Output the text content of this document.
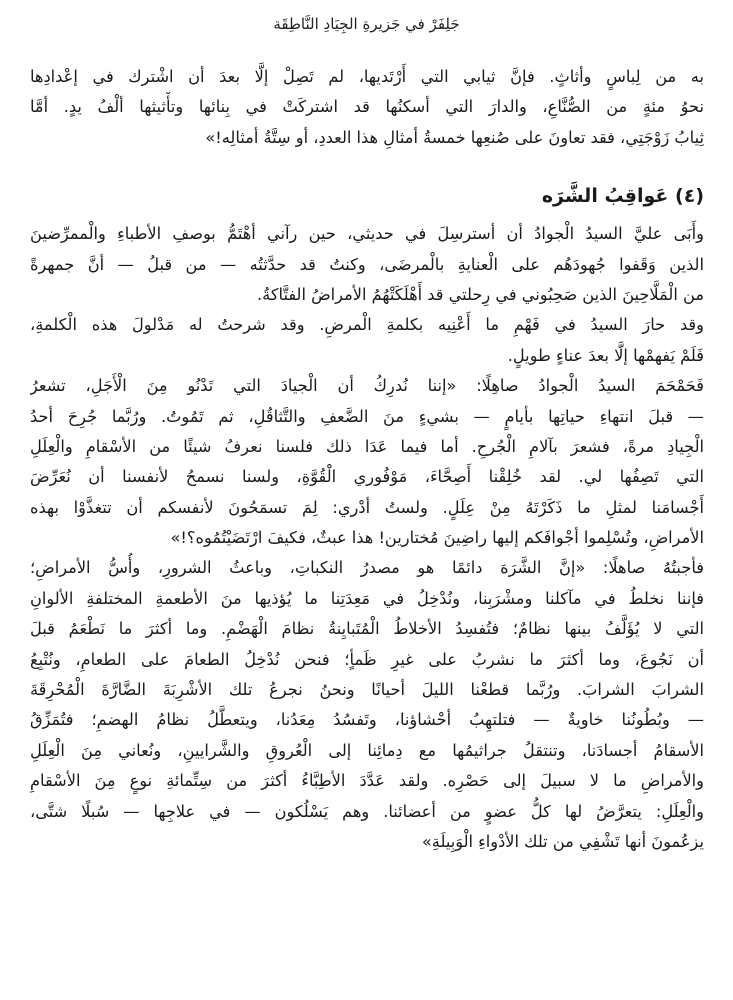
جَلِفَرْ في جَزيرةِ الجِيَادِ النَّاطِقَة
به من لِباسٍ وأثاثٍ. فإنَّ ثيابي التي أَرْتَديها، لم تَصِلْ إلَّا بعدَ أن اشْترك في إعْدادِها
نحوُ مئةٍ من الصُّنَّاعِ، والدارَ التي أسكنُها قد اشتركَتْ في بِنائها وتأْثيثها ألْفُ يدٍ. أمَّا
ثِيابُ زَوْجَتِي، فقد تعاونَ على صُنعِها خمسةُ أمثالِ هذا العددِ، أو سِتَّةُ أمثالِه!»
(٤) عَواقِبُ الشَّرَه
وأَبَى عليَّ السيدُ الْجوادُ أن أسترسِلَ في حديثي، حين رآني أهْتَمُّ بوصفِ الأطباءِ والْممرِّضينَ
الذين وَقَفوا جُهودَهُم على الْعنايةِ بالْمرضَى، وكنتُ قد حدَّثتُه — من قبلُ — أنَّ جمهرةً
من الْمَلَّاحِينَ الذين صَحِبُوني في رِحلتي قد أَهْلَكَتْهُمُ الأمراضُ الفتَّاكةُ.
وقد حارَ السيدُ في فَهْمِ ما أَعْنِيه بكلمةِ الْمرضِ. وقد شرحتُ له مَدْلولَ هذه الْكلمةِ،
فَلَمْ يَفهمْها إلَّا بعدَ عناءٍ طويلٍ.
فَحَمْحَمَ السيدُ الْجوادُ صاهِلًا: «إننا نُدرِكُ أن الْجيادَ التي تَدْنُو مِنَ الْأَجَلِ، تشعرُ
— قبلَ انتهاءِ حياتِها بأيامٍ — بشيءٍ منَ الضَّعفِ والتَّثاقُلِ، ثم تَمُوتُ. ورُبَّما جُرِحَ أحدُ
الْجِيادِ مرةً، فشعرَ بآلامِ الْجُرحِ. أما فيما عَدَا ذلك فلسنا نعرفُ شيئًا من الأسْقامِ والْعِلَلِ
التي تَصِفُها لي. لقد خُلِقْنا أَصِحَّاءَ، مَوْفُوري الْقُوَّةِ، ولسنا نسمحُ لأنفسنا أن نُعَرِّضَ
أَجْسامَنا لمثلِ ما ذَكَرْتَهُ مِنْ عِلَلٍ. ولستُ أدْري: لِمَ تسمَحُونَ لأنفسكم أن تتغذَّوْا بهذه
الأمراضِ، وتُسْلِموا أجْوافَكم إليها راضِينَ مُختارين! هذا عبثٌ، فكيفَ ارْتَضَيْتُمُوه؟!»
فأجبتُهُ صاهلًا: «إنَّ الشَّرَهَ دائمًا هو مصدرُ النكباتِ، وباعثُ الشرورِ، وأُسُّ الأمراضِ؛
فإننا نخلطُ في مآكلنا ومشْرَبِنا، ونُدْخِلُ في مَعِدَتِنا ما يُؤذيها منَ الأطعمةِ المختلفةِ الألوانِ
التي لا يُؤَلَّفُ بينها نظامٌ؛ فتُفسِدُ الأخلاطُ الْمُتَبايِنةُ نظامَ الْهَضْمِ. وما أكثرَ ما نَطْعَمُ قبلَ
أن نَجُوعَ، وما أكثرَ ما نشربُ على غيرِ ظَمأٍ؛ فنحن نُدْخِلُ الطعامَ على الطعامِ، ونُتْبِعُ
الشرابَ الشرابَ. ورُبَّما قطعْنا الليلَ أحيانًا ونحنُ نجرعُ تلك الأشْرِبَةَ الضَّارَّةَ الْمُحْرِقَةَ
— وبُطُونُنا خاويةٌ — فتلتهِبُ أحْشاؤنا، وتَفسُدُ مِعَدُنا، ويتعطَّلُ نظامُ الهضمِ؛ فتُمَزِّقُ
الأسقامُ أجسادَنا، وتنتقلُ جراثيمُها مع دِمائِنا إلى الْعُروقِ والشَّرايينِ، ونُعاني مِنَ الْعِلَلِ
والأمراضِ ما لا سبيلَ إلى حَصْرِه. ولقد عَدَّدَ الأطِبَّاءُ أكثرَ من سِتِّمائةِ نوعٍ مِنَ الأسْقامِ
والْعِلَلِ: يتعرَّضُ لها كلُّ عضوٍ من أعضائنا. وهم يَسْلُكون — في علاجِها — سُبلًا شتَّى،
يزعُمونَ أنها تَشْفِي من تلك الأدْواءِ الْوَبِيلَةِ»
